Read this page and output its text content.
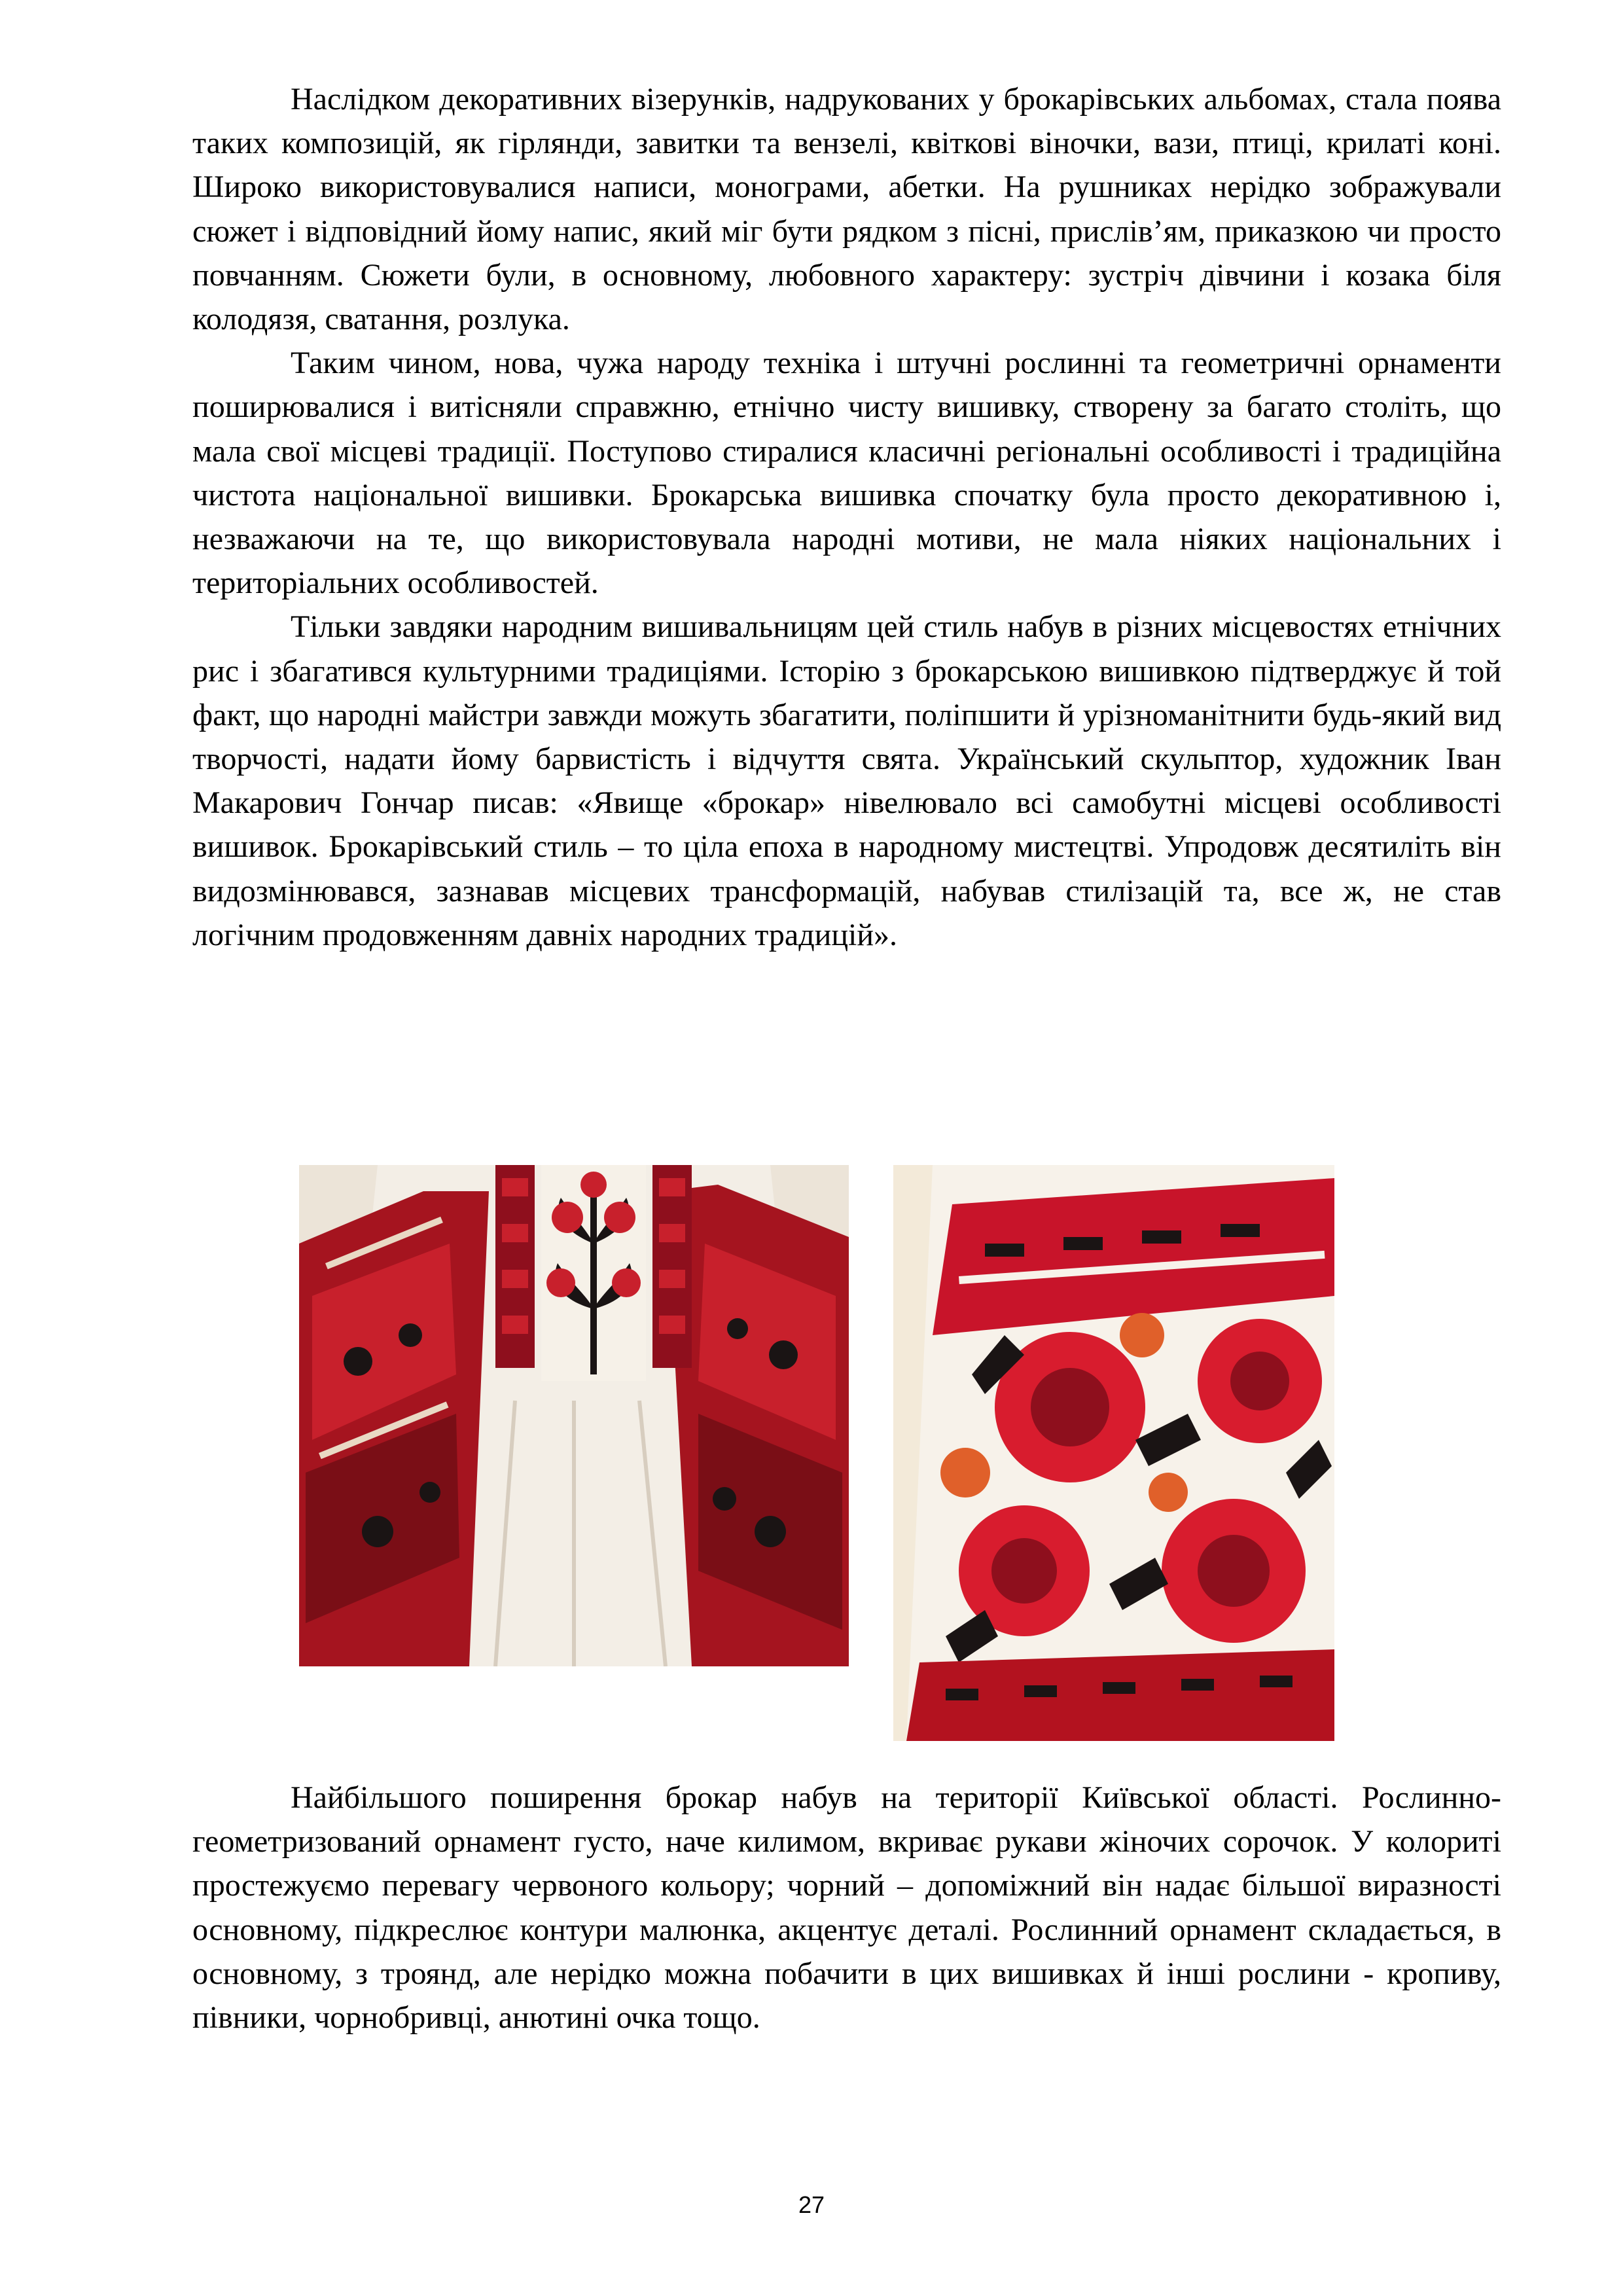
Наслідком декоративних візерунків, надрукованих у брокарівських альбомах, стала поява таких композицій, як гірлянди, завитки та вензелі, квіткові віночки, вази, птиці, крилаті коні. Широко використовувалися написи, монограми, абетки. На рушниках нерідко зображували сюжет і відповідний йому напис, який міг бути рядком з пісні, прислів’ям, приказкою чи просто повчанням. Сюжети були, в основному, любовного характеру: зустріч дівчини і козака біля колодязя, сватання, розлука.

Таким чином, нова, чужа народу техніка і штучні рослинні та геометричні орнаменти поширювалися і витісняли справжню, етнічно чисту вишивку, створену за багато століть, що мала свої місцеві традиції. Поступово стиралися класичні регіональні особливості і традиційна чистота національної вишивки. Брокарська вишивка спочатку була просто декоративною і, незважаючи на те, що використовувала народні мотиви, не мала ніяких національних і територіальних особливостей.

Тільки завдяки народним вишивальницям цей стиль набув в різних місцевостях етнічних рис і збагатився культурними традиціями. Історію з брокарською вишивкою підтверджує й той факт, що народні майстри завжди можуть збагатити, поліпшити й урізноманітнити будь-який вид творчості, надати йому барвистість і відчуття свята. Український скульптор, художник Іван Макарович Гончар писав: «Явище «брокар» нівелювало всі самобутні місцеві особливості вишивок. Брокарівський стиль – то ціла епоха в народному мистецтві. Упродовж десятиліть він видозмінювався, зазнавав місцевих трансформацій, набував стилізацій та, все ж, не став логічним продовженням давніх народних традицій».

Найбільшого поширення брокар набув на території Київської області. Рослинно-геометризований орнамент густо, наче килимом, вкриває рукави жіночих сорочок. У колориті простежуємо перевагу червоного кольору; чорний – допоміжний він надає більшої виразності основному, підкреслює контури малюнка, акцентує деталі. Рослинний орнамент складається, в основному, з троянд, але нерідко можна побачити в цих вишивках й інші рослини - кропиву, півники, чорнобривці, анютині очка тощо.

27
